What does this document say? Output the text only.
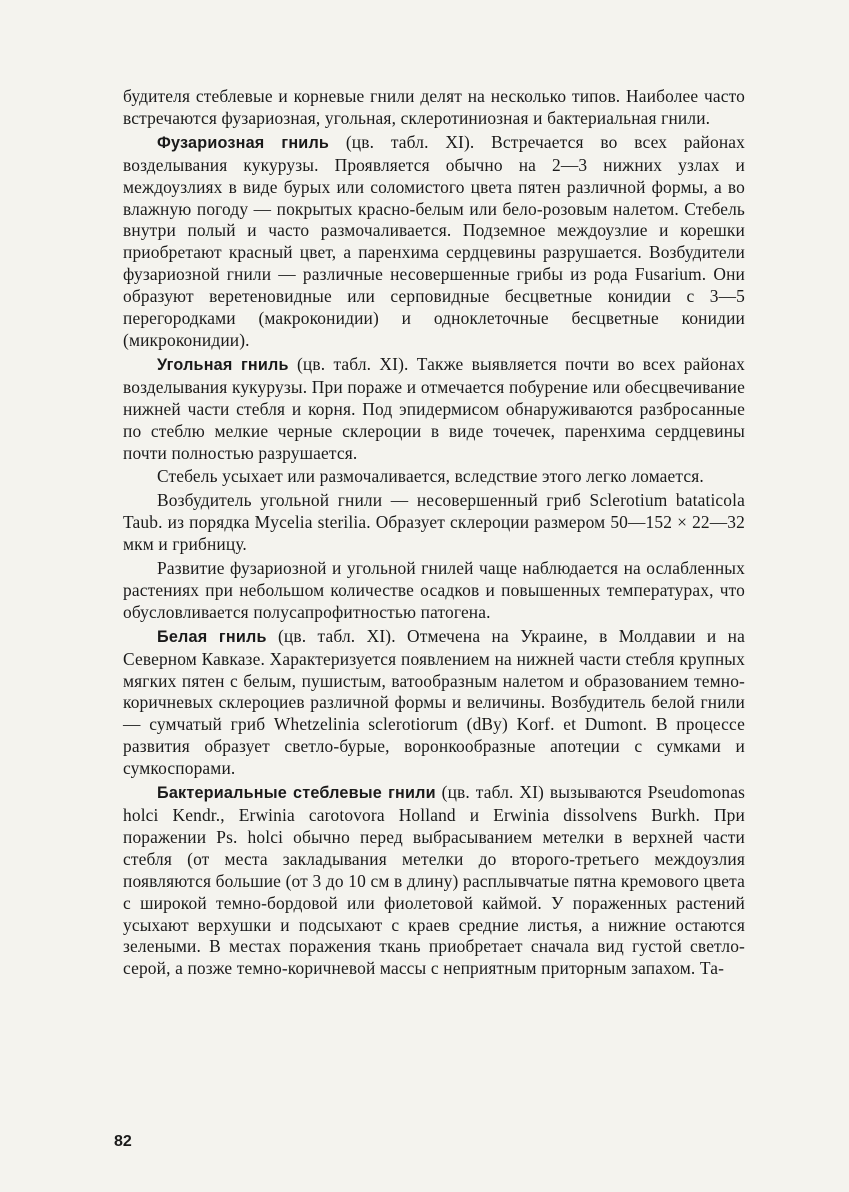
будителя стеблевые и корневые гнили делят на несколько типов. Наиболее часто встречаются фузариозная, угольная, склеротиниозная и бактериальная гнили.

Фузариозная гниль (цв. табл. XI). Встречается во всех районах возделывания кукурузы. Проявляется обычно на 2—3 нижних узлах и междоузлиях в виде бурых или соломистого цвета пятен различной формы, а во влажную погоду — покрытых красно-белым или бело-розовым налетом. Стебель внутри полый и часто размочаливается. Подземное междоузлие и корешки приобретают красный цвет, а паренхима сердцевины разрушается. Возбудители фузариозной гнили — различные несовершенные грибы из рода Fusarium. Они образуют веретеновидные или серповидные бесцветные конидии с 3—5 перегородками (макроконидии) и одноклеточные бесцветные конидии (микроконидии).

Угольная гниль (цв. табл. XI). Также выявляется почти во всех районах возделывания кукурузы. При пораже и отмечается побурение или обесцвечивание нижней части стебля и корня. Под эпидермисом обнаруживаются разбросанные по стеблю мелкие черные склероции в виде точечек, паренхима сердцевины почти полностью разрушается.

Стебель усыхает или размочаливается, вследствие этого легко ломается.

Возбудитель угольной гнили — несовершенный гриб Sclerotium bataticola Taub. из порядка Mycelia sterilia. Образует склероции размером 50—152 × 22—32 мкм и грибницу.

Развитие фузариозной и угольной гнилей чаще наблюдается на ослабленных растениях при небольшом количестве осадков и повышенных температурах, что обусловливается полусапрофитностью патогена.

Белая гниль (цв. табл. XI). Отмечена на Украине, в Молдавии и на Северном Кавказе. Характеризуется появлением на нижней части стебля крупных мягких пятен с белым, пушистым, ватообразным налетом и образованием темно-коричневых склероциев различной формы и величины. Возбудитель белой гнили — сумчатый гриб Whetzelinia sclerotiorum (dBy) Korf. et Dumont. В процессе развития образует светло-бурые, воронкообразные апотеции с сумками и сумкоспорами.

Бактериальные стеблевые гнили (цв. табл. XI) вызываются Pseudomonas holci Kendr., Erwinia carotovora Holland и Erwinia dissolvens Burkh. При поражении Ps. holci обычно перед выбрасыванием метелки в верхней части стебля (от места закладывания метелки до второго-третьего междоузлия появляются большие (от 3 до 10 см в длину) расплывчатые пятна кремового цвета с широкой темно-бордовой или фиолетовой каймой. У пораженных растений усыхают верхушки и подсыхают с краев средние листья, а нижние остаются зелеными. В местах поражения ткань приобретает сначала вид густой светло-серой, а позже темно-коричневой массы с неприятным приторным запахом. Та-

82
